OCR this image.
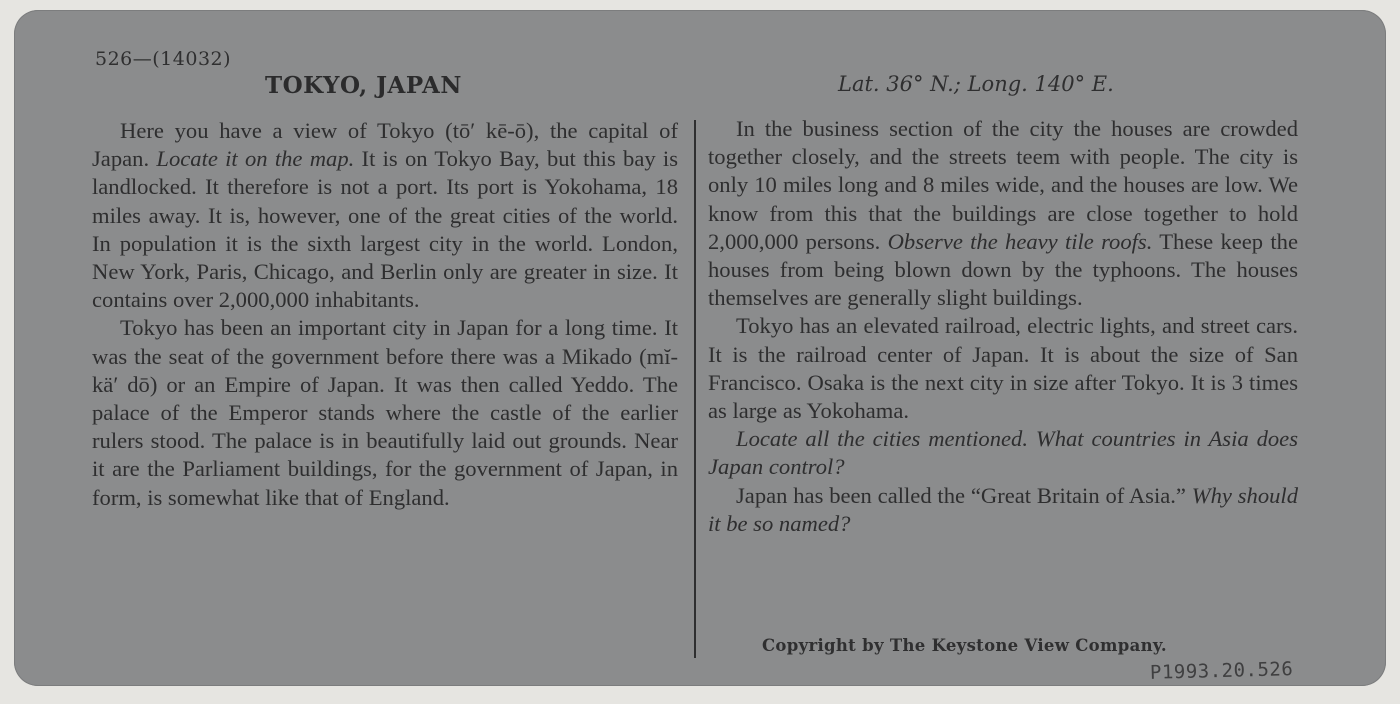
526—(14032)
TOKYO, JAPAN	Lat. 36° N.; Long. 140° E.

Here you have a view of Tokyo (tō′ kē-ō), the capital of Japan. Locate it on the map. It is on Tokyo Bay, but this bay is landlocked. It therefore is not a port. Its port is Yokohama, 18 miles away. It is, however, one of the great cities of the world. In population it is the sixth largest city in the world. London, New York, Paris, Chicago, and Berlin only are greater in size. It contains over 2,000,000 inhabitants.

Tokyo has been an important city in Japan for a long time. It was the seat of the government before there was a Mikado (mĭ-kä′ dō) or an Empire of Japan. It was then called Yeddo. The palace of the Emperor stands where the castle of the earlier rulers stood. The palace is in beautifully laid out grounds. Near it are the Parliament buildings, for the government of Japan, in form, is somewhat like that of England.

In the business section of the city the houses are crowded together closely, and the streets teem with people. The city is only 10 miles long and 8 miles wide, and the houses are low. We know from this that the buildings are close together to hold 2,000,000 persons. Observe the heavy tile roofs. These keep the houses from being blown down by the typhoons. The houses themselves are generally slight buildings.

Tokyo has an elevated railroad, electric lights, and street cars. It is the railroad center of Japan. It is about the size of San Francisco. Osaka is the next city in size after Tokyo. It is 3 times as large as Yokohama.

Locate all the cities mentioned. What countries in Asia does Japan control?

Japan has been called the “Great Britain of Asia.” Why should it be so named?

Copyright by The Keystone View Company.
P1993.20.526
